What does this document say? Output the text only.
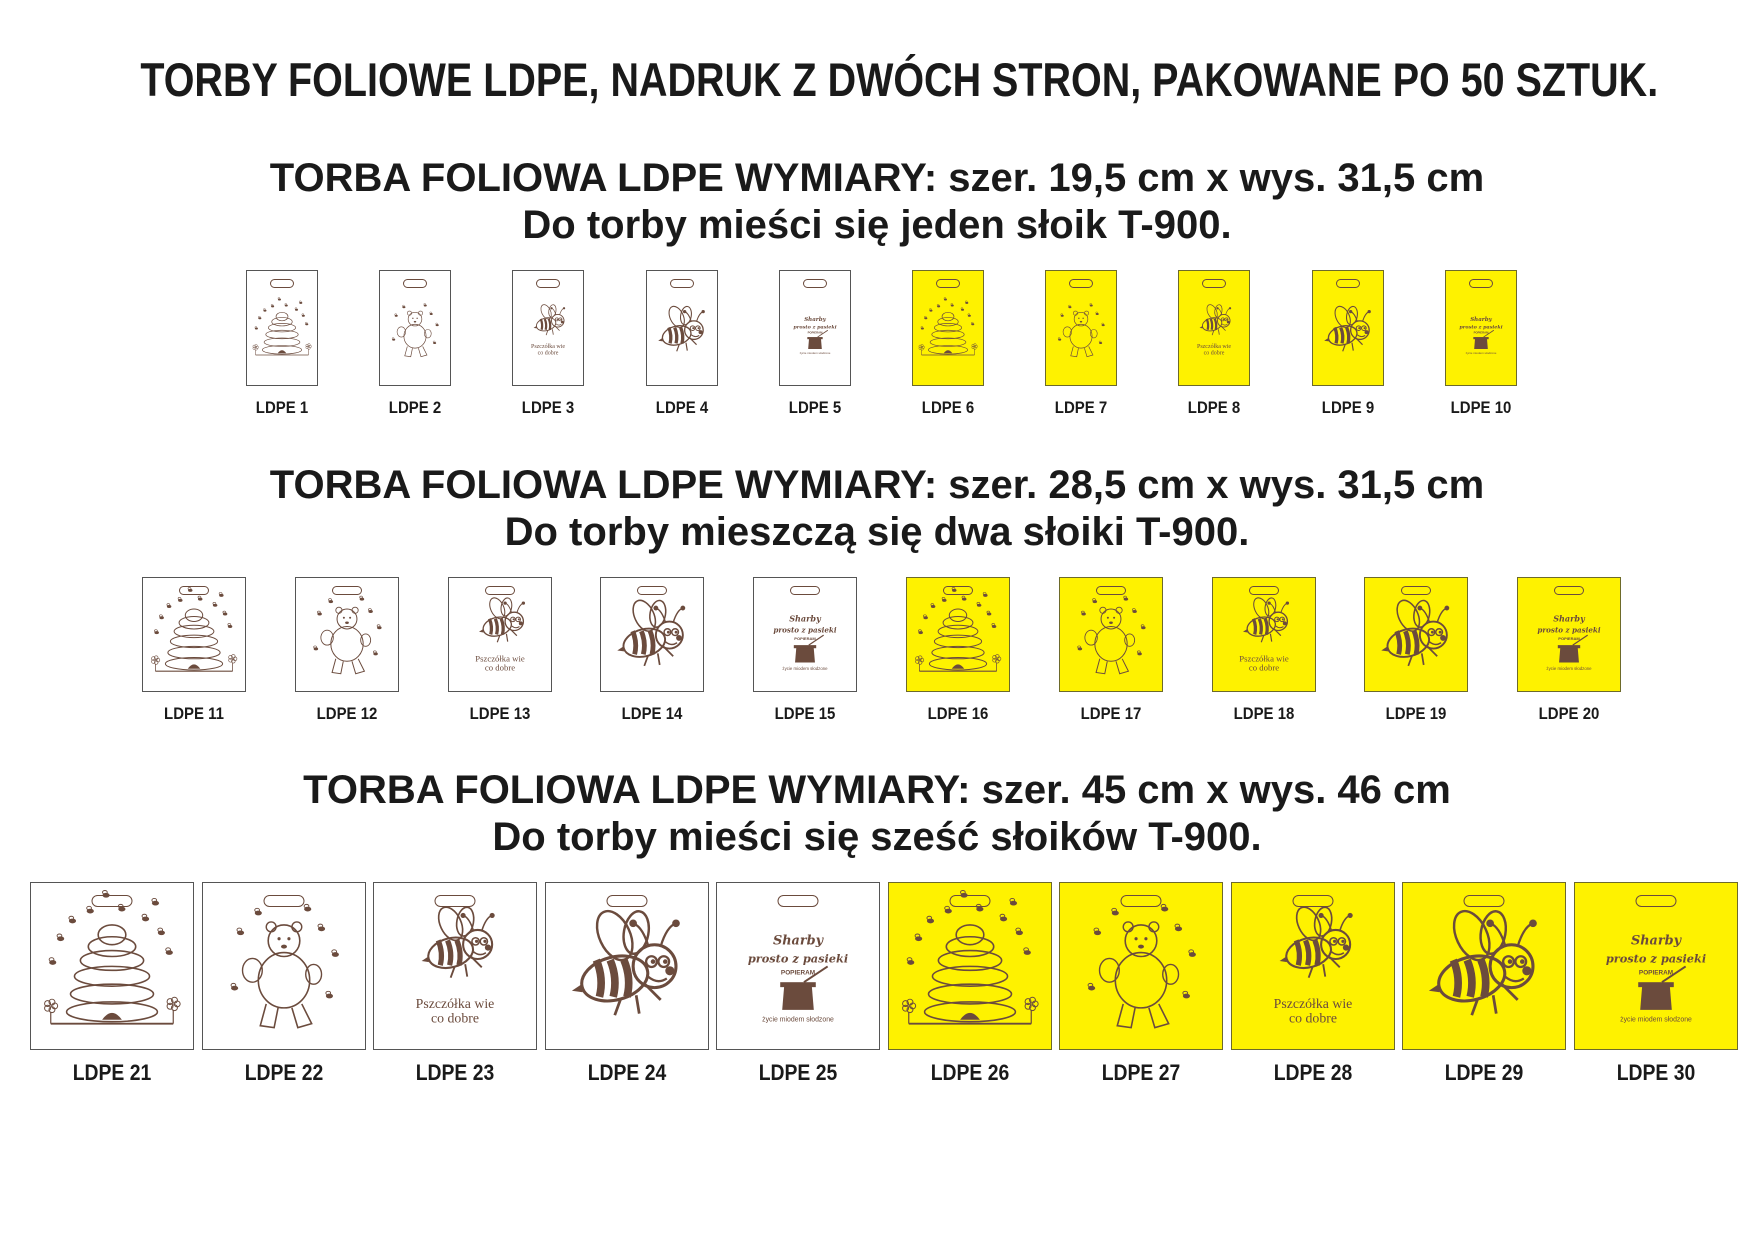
TORBY FOLIOWE LDPE, NADRUK Z DWÓCH STRON, PAKOWANE PO 50 SZTUK.
TORBA FOLIOWA LDPE WYMIARY: szer. 19,5 cm x wys. 31,5 cm
Do torby mieści się jeden słoik T-900.
LDPE 1	LDPE 2
Pszczółka wie
co dobre
LDPE 3	LDPE 4
Sharby
prosto z pasieki
POPIERAM
życie miodem słodzone
LDPE 5	LDPE 6	LDPE 7
Pszczółka wie
co dobre
LDPE 8	LDPE 9
Sharby
prosto z pasieki
POPIERAM
życie miodem słodzone
LDPE 10
TORBA FOLIOWA LDPE WYMIARY: szer. 28,5 cm x wys. 31,5 cm
Do torby mieszczą się dwa słoiki T-900.
LDPE 11	LDPE 12
Pszczółka wie
co dobre
LDPE 13	LDPE 14
Sharby
prosto z pasieki
POPIERAM
życie miodem słodzone
LDPE 15	LDPE 16	LDPE 17
Pszczółka wie
co dobre
LDPE 18	LDPE 19
Sharby
prosto z pasieki
POPIERAM
życie miodem słodzone
LDPE 20
TORBA FOLIOWA LDPE WYMIARY: szer. 45 cm x wys. 46 cm
Do torby mieści się sześć słoików T-900.
LDPE 21	LDPE 22
Pszczółka wie
co dobre
LDPE 23	LDPE 24
Sharby
prosto z pasieki
POPIERAM
życie miodem słodzone
LDPE 25	LDPE 26	LDPE 27
Pszczółka wie
co dobre
LDPE 28	LDPE 29
Sharby
prosto z pasieki
POPIERAM
życie miodem słodzone
LDPE 30
